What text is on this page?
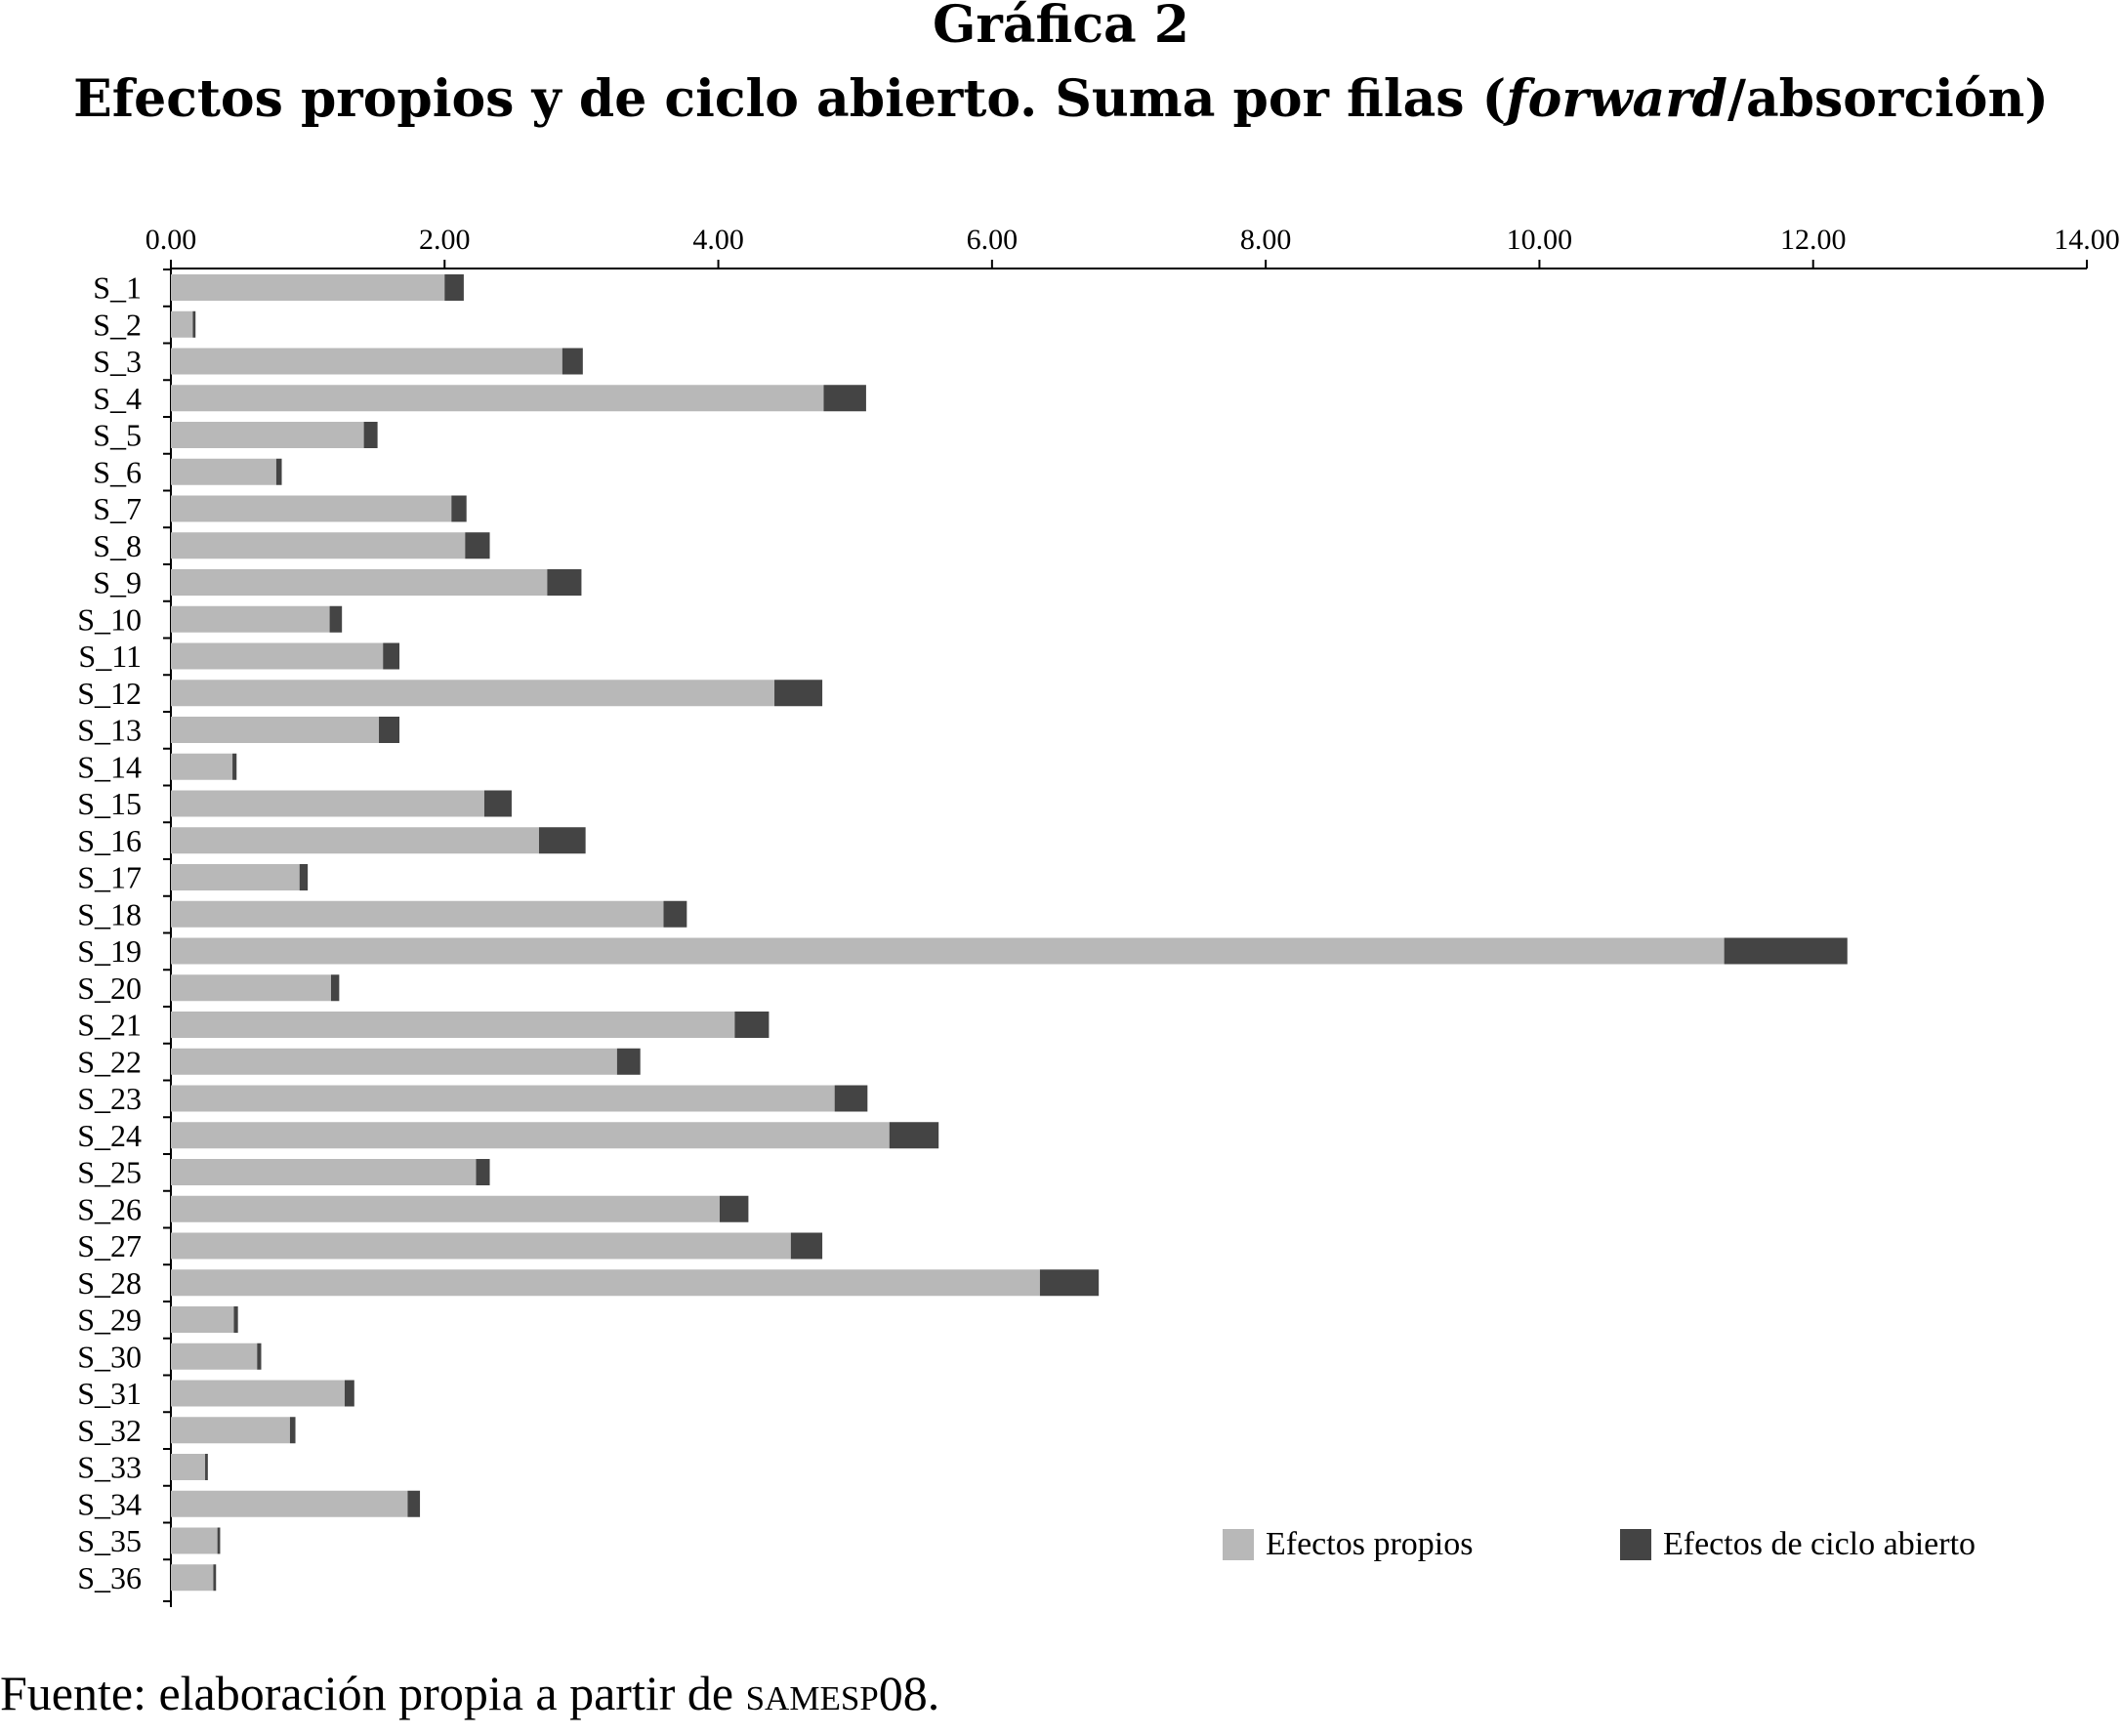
Gráfica 2
Efectos propios y de ciclo abierto. Suma por filas (forward/absorción)
0.00	2.00	4.00	6.00	8.00	10.00	12.00	14.00
S_1
S_2
S_3
S_4
S_5
S_6
S_7
S_8
S_9
S_10
S_11
S_12
S_13
S_14
S_15
S_16
S_17
S_18
S_19
S_20
S_21
S_22
S_23
S_24
S_25
S_26
S_27
S_28
S_29
S_30
S_31
S_32
S_33
S_34
S_35
S_36
Efectos propios	Efectos de ciclo abierto
Fuente: elaboración propia a partir de samesp08.
